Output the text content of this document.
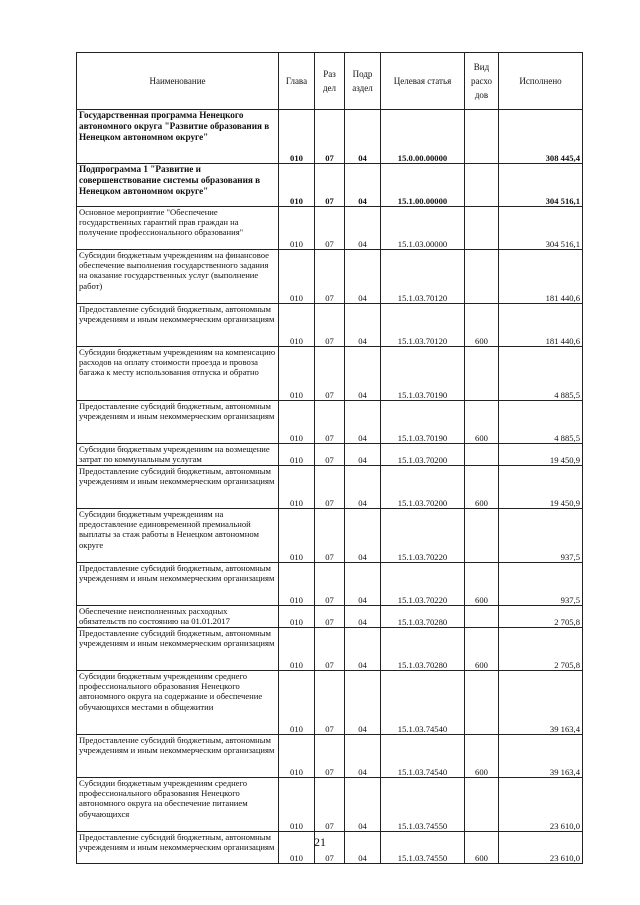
Наименование	Глава	Раз дел	Подр аздел	Целевая статья	Вид расхо дов	Исполнено
Государственная программа Ненецкого автономного округа "Развитие образования в Ненецком автономном округе"	010	07	04	15.0.00.00000		308 445,4
Подпрограмма 1 "Развитие и совершенствование системы образования в Ненецком автономном округе"	010	07	04	15.1.00.00000		304 516,1
Основное мероприятие "Обеспечение государственных гарантий прав граждан на получение профессионального образования"	010	07	04	15.1.03.00000		304 516,1
Субсидии бюджетным учреждениям на финансовое обеспечение выполнения государственного задания на оказание государственных услуг (выполнение работ)	010	07	04	15.1.03.70120		181 440,6
Предоставление субсидий бюджетным, автономным учреждениям и иным некоммерческим организациям	010	07	04	15.1.03.70120	600	181 440,6
Субсидии бюджетным учреждениям на компенсацию расходов на оплату стоимости проезда и провоза багажа к месту использования отпуска и обратно	010	07	04	15.1.03.70190		4 885,5
Предоставление субсидий бюджетным, автономным учреждениям и иным некоммерческим организациям	010	07	04	15.1.03.70190	600	4 885,5
Субсидии бюджетным учреждениям на возмещение затрат по коммунальным услугам	010	07	04	15.1.03.70200		19 450,9
Предоставление субсидий бюджетным, автономным учреждениям и иным некоммерческим организациям	010	07	04	15.1.03.70200	600	19 450,9
Субсидии бюджетным учреждениям на предоставление единовременной премиальной выплаты за стаж работы в Ненецком автономном округе	010	07	04	15.1.03.70220		937,5
Предоставление субсидий бюджетным, автономным учреждениям и иным некоммерческим организациям	010	07	04	15.1.03.70220	600	937,5
Обеспечение неисполненных расходных обязательств по состоянию на 01.01.2017	010	07	04	15.1.03.70280		2 705,8
Предоставление субсидий бюджетным, автономным учреждениям и иным некоммерческим организациям	010	07	04	15.1.03.70280	600	2 705,8
Субсидии бюджетным учреждениям среднего профессионального образования Ненецкого автономного округа на содержание и обеспечение обучающихся местами в общежитии	010	07	04	15.1.03.74540		39 163,4
Предоставление субсидий бюджетным, автономным учреждениям и иным некоммерческим организациям	010	07	04	15.1.03.74540	600	39 163,4
Субсидии бюджетным учреждениям среднего профессионального образования Ненецкого автономного округа на обеспечение питанием обучающихся	010	07	04	15.1.03.74550		23 610,0
Предоставление субсидий бюджетным, автономным учреждениям и иным некоммерческим организациям	010	07	04	15.1.03.74550	600	23 610,0
21
